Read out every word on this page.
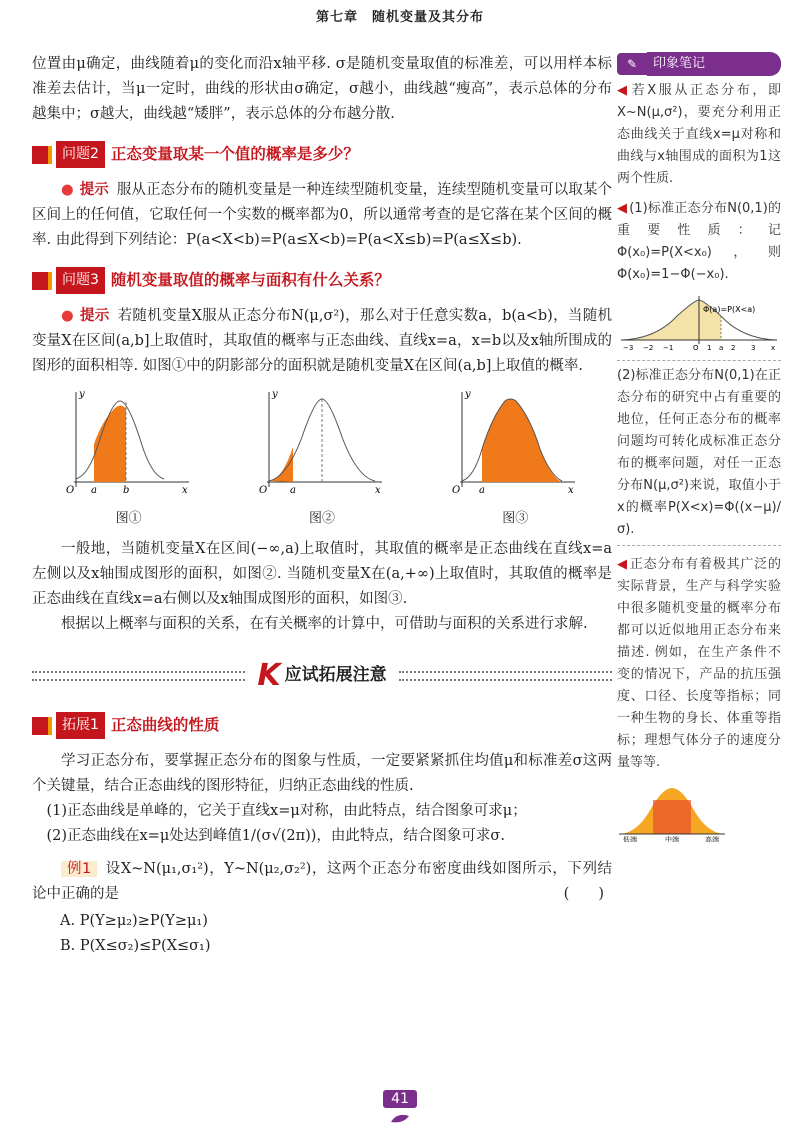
第七章　随机变量及其分布

位置由μ确定，曲线随着μ的变化而沿x轴平移. σ是随机变量取值的标准差，可以用样本标准差去估计，当μ一定时，曲线的形状由σ确定，σ越小，曲线越“瘦高”，表示总体的分布越集中；σ越大，曲线越“矮胖”，表示总体的分布越分散.

问题2 正态变量取某一个值的概率是多少？

● 提示 服从正态分布的随机变量是一种连续型随机变量，连续型随机变量可以取某个区间上的任何值，它取任何一个实数的概率都为0，所以通常考查的是它落在某个区间的概率. 由此得到下列结论：P(a<X<b)=P(a≤X<b)=P(a<X≤b)=P(a≤X≤b).

问题3 随机变量取值的概率与面积有什么关系？

● 提示 若随机变量X服从正态分布N(μ,σ²)，那么对于任意实数a，b(a<b)，当随机变量X在区间(a,b]上取值时，其取值的概率与正态曲线、直线x=a，x=b以及x轴所围成的图形的面积相等. 如图①中的阴影部分的面积就是随机变量X在区间(a,b]上取值的概率.

y
x
O a	b
图①
y
x
O a
图②
y
x
O a
图③

一般地，当随机变量X在区间(−∞,a)上取值时，其取值的概率是正态曲线在直线x=a左侧以及x轴围成图形的面积，如图②. 当随机变量X在(a,+∞)上取值时，其取值的概率是正态曲线在直线x=a右侧以及x轴围成图形的面积，如图③.

根据以上概率与面积的关系，在有关概率的计算中，可借助与面积的关系进行求解.

K 应试拓展注意
拓展1 正态曲线的性质

学习正态分布，要掌握正态分布的图象与性质，一定要紧紧抓住均值μ和标准差σ这两个关键量，结合正态曲线的图形特征，归纳正态曲线的性质.

(1)正态曲线是单峰的，它关于直线x=μ对称，由此特点，结合图象可求μ；

(2)正态曲线在x=μ处达到峰值1/(σ√(2π))，由此特点，结合图象可求σ.

例1 设X~N(μ₁,σ₁²)，Y~N(μ₂,σ₂²)，这两个正态分布密度曲线如图所示，下列结论中正确的是	(　　)

A. P(Y≥μ₂)≥P(Y≥μ₁)
B. P(X≤σ₂)≤P(X≤σ₁)
✎	印象笔记
◀ 若X服从正态分布，即X~N(μ,σ²)，要充分利用正态曲线关于直线x=μ对称和曲线与x轴围成的面积为1这两个性质.
◀ (1)标准正态分布N(0,1)的重要性质：记Φ(x₀)=P(X<x₀)，则Φ(x₀)=1−Φ(−x₀).
Φ(a)=P(X<a)
−3 −2 −1	O 1 a 2 3 x
(2)标准正态分布N(0,1)在正态分布的研究中占有重要的地位，任何正态分布的概率问题均可转化成标准正态分布的概率问题，对任一正态分布N(μ,σ²)来说，取值小于x的概率P(X<x)=Φ((x−μ)/σ).
◀ 正态分布有着极其广泛的实际背景，生产与科学实验中很多随机变量的概率分布都可以近似地用正态分布来描述. 例如，在生产条件不变的情况下，产品的抗压强度、口径、长度等指标；同一种生物的身长、体重等指标；理想气体分子的速度分量等等.
低端	中端	高端
41
